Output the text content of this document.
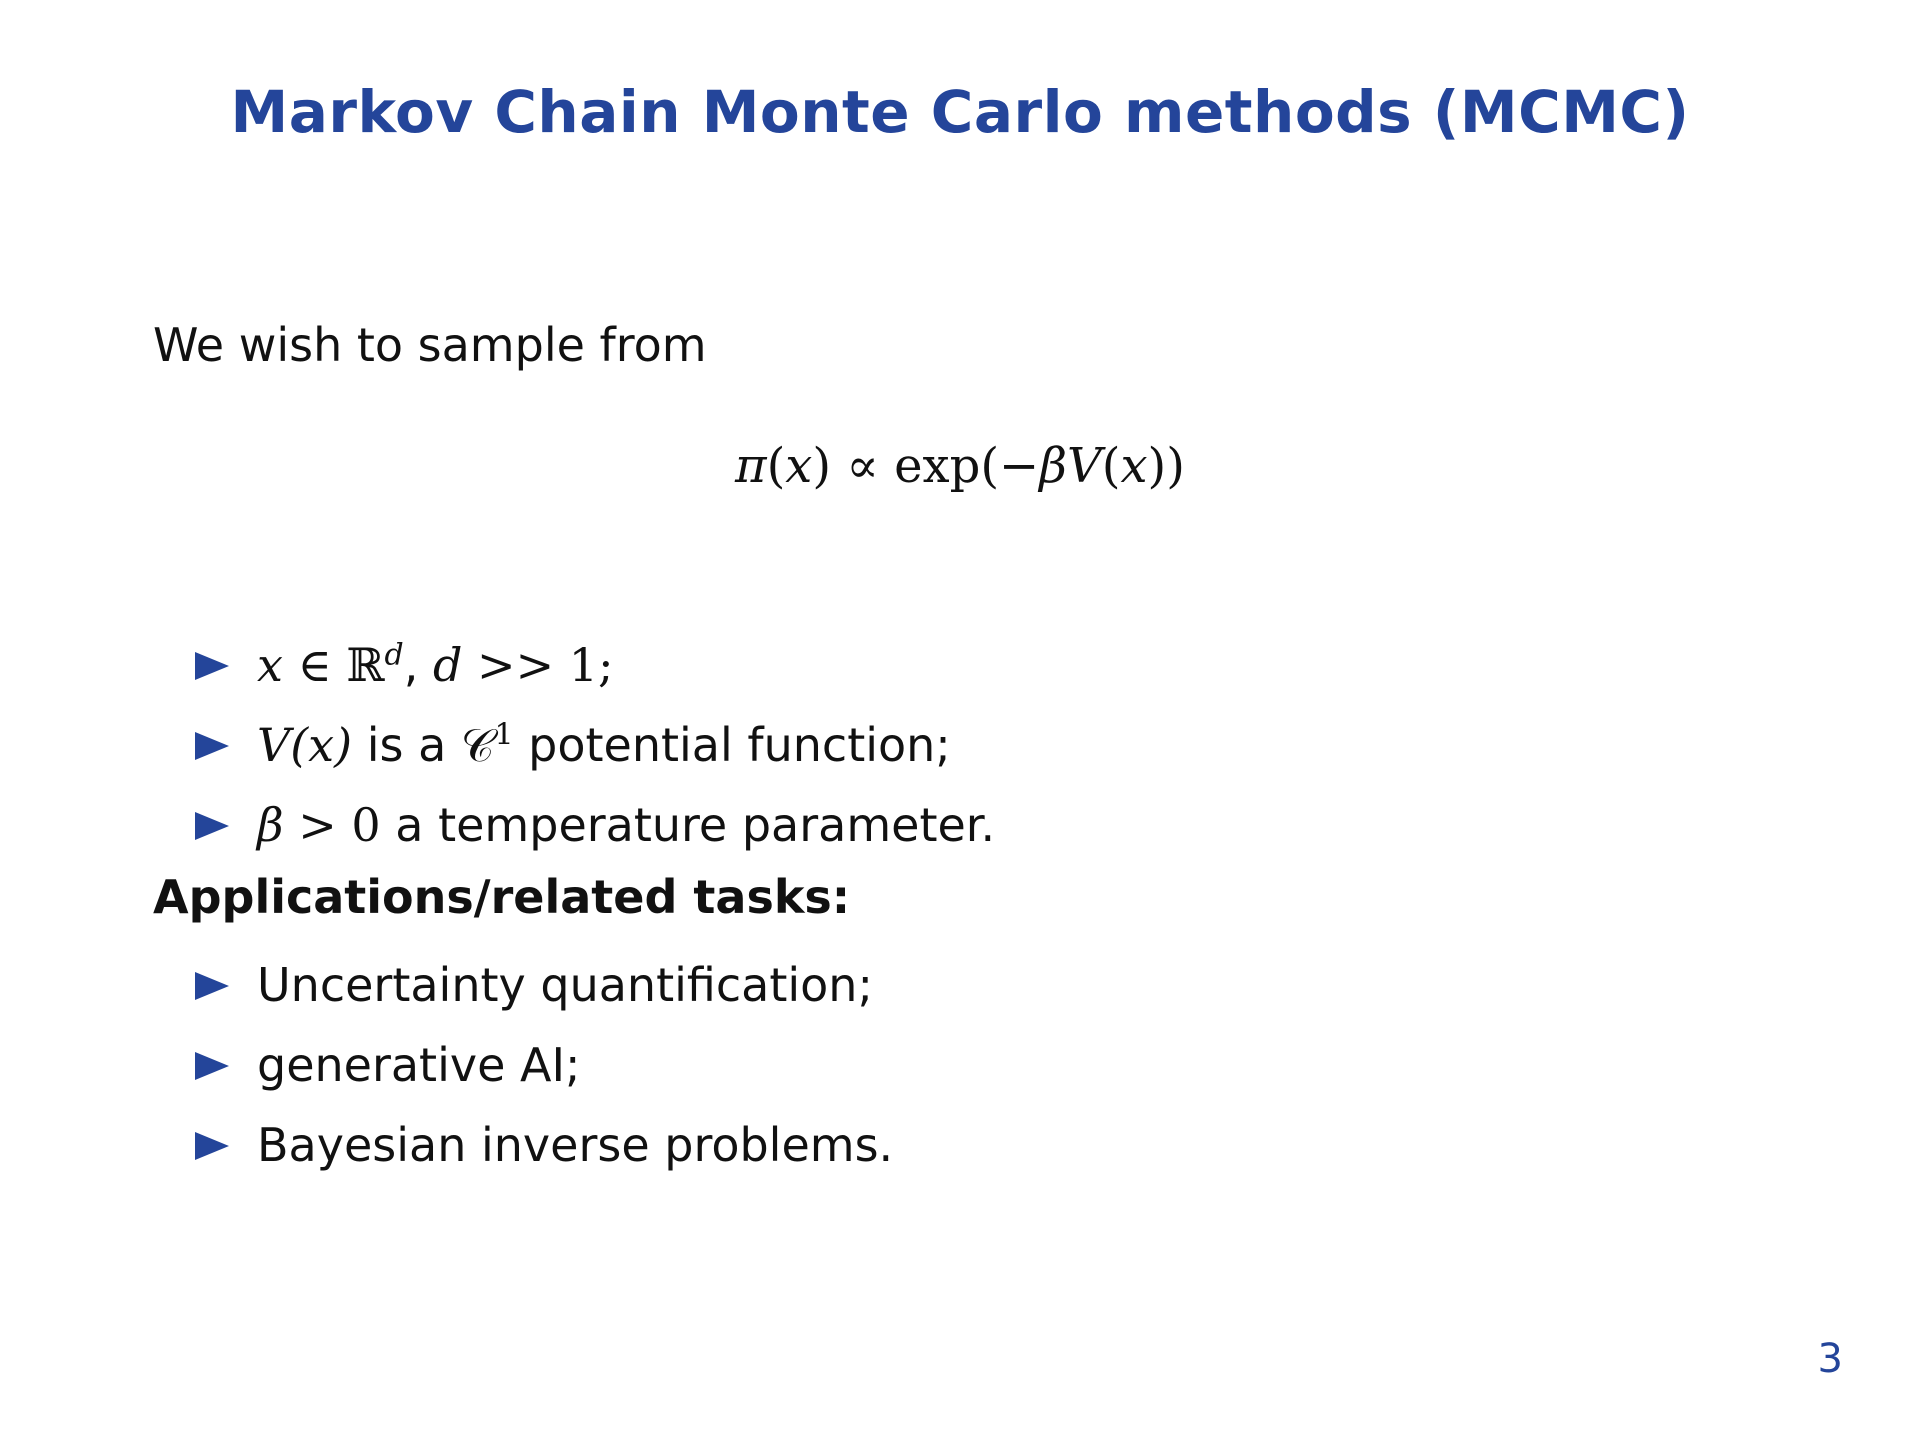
Markov Chain Monte Carlo methods (MCMC)
We wish to sample from
π(x) ∝ exp(−βV(x))
x ∈ ℝ$^d$, d >> 1;
V(x) is a 𝒞$^1$ potential function;
β > 0 a temperature parameter.
Applications/related tasks:
Uncertainty quantification;
generative AI;
Bayesian inverse problems.
3
